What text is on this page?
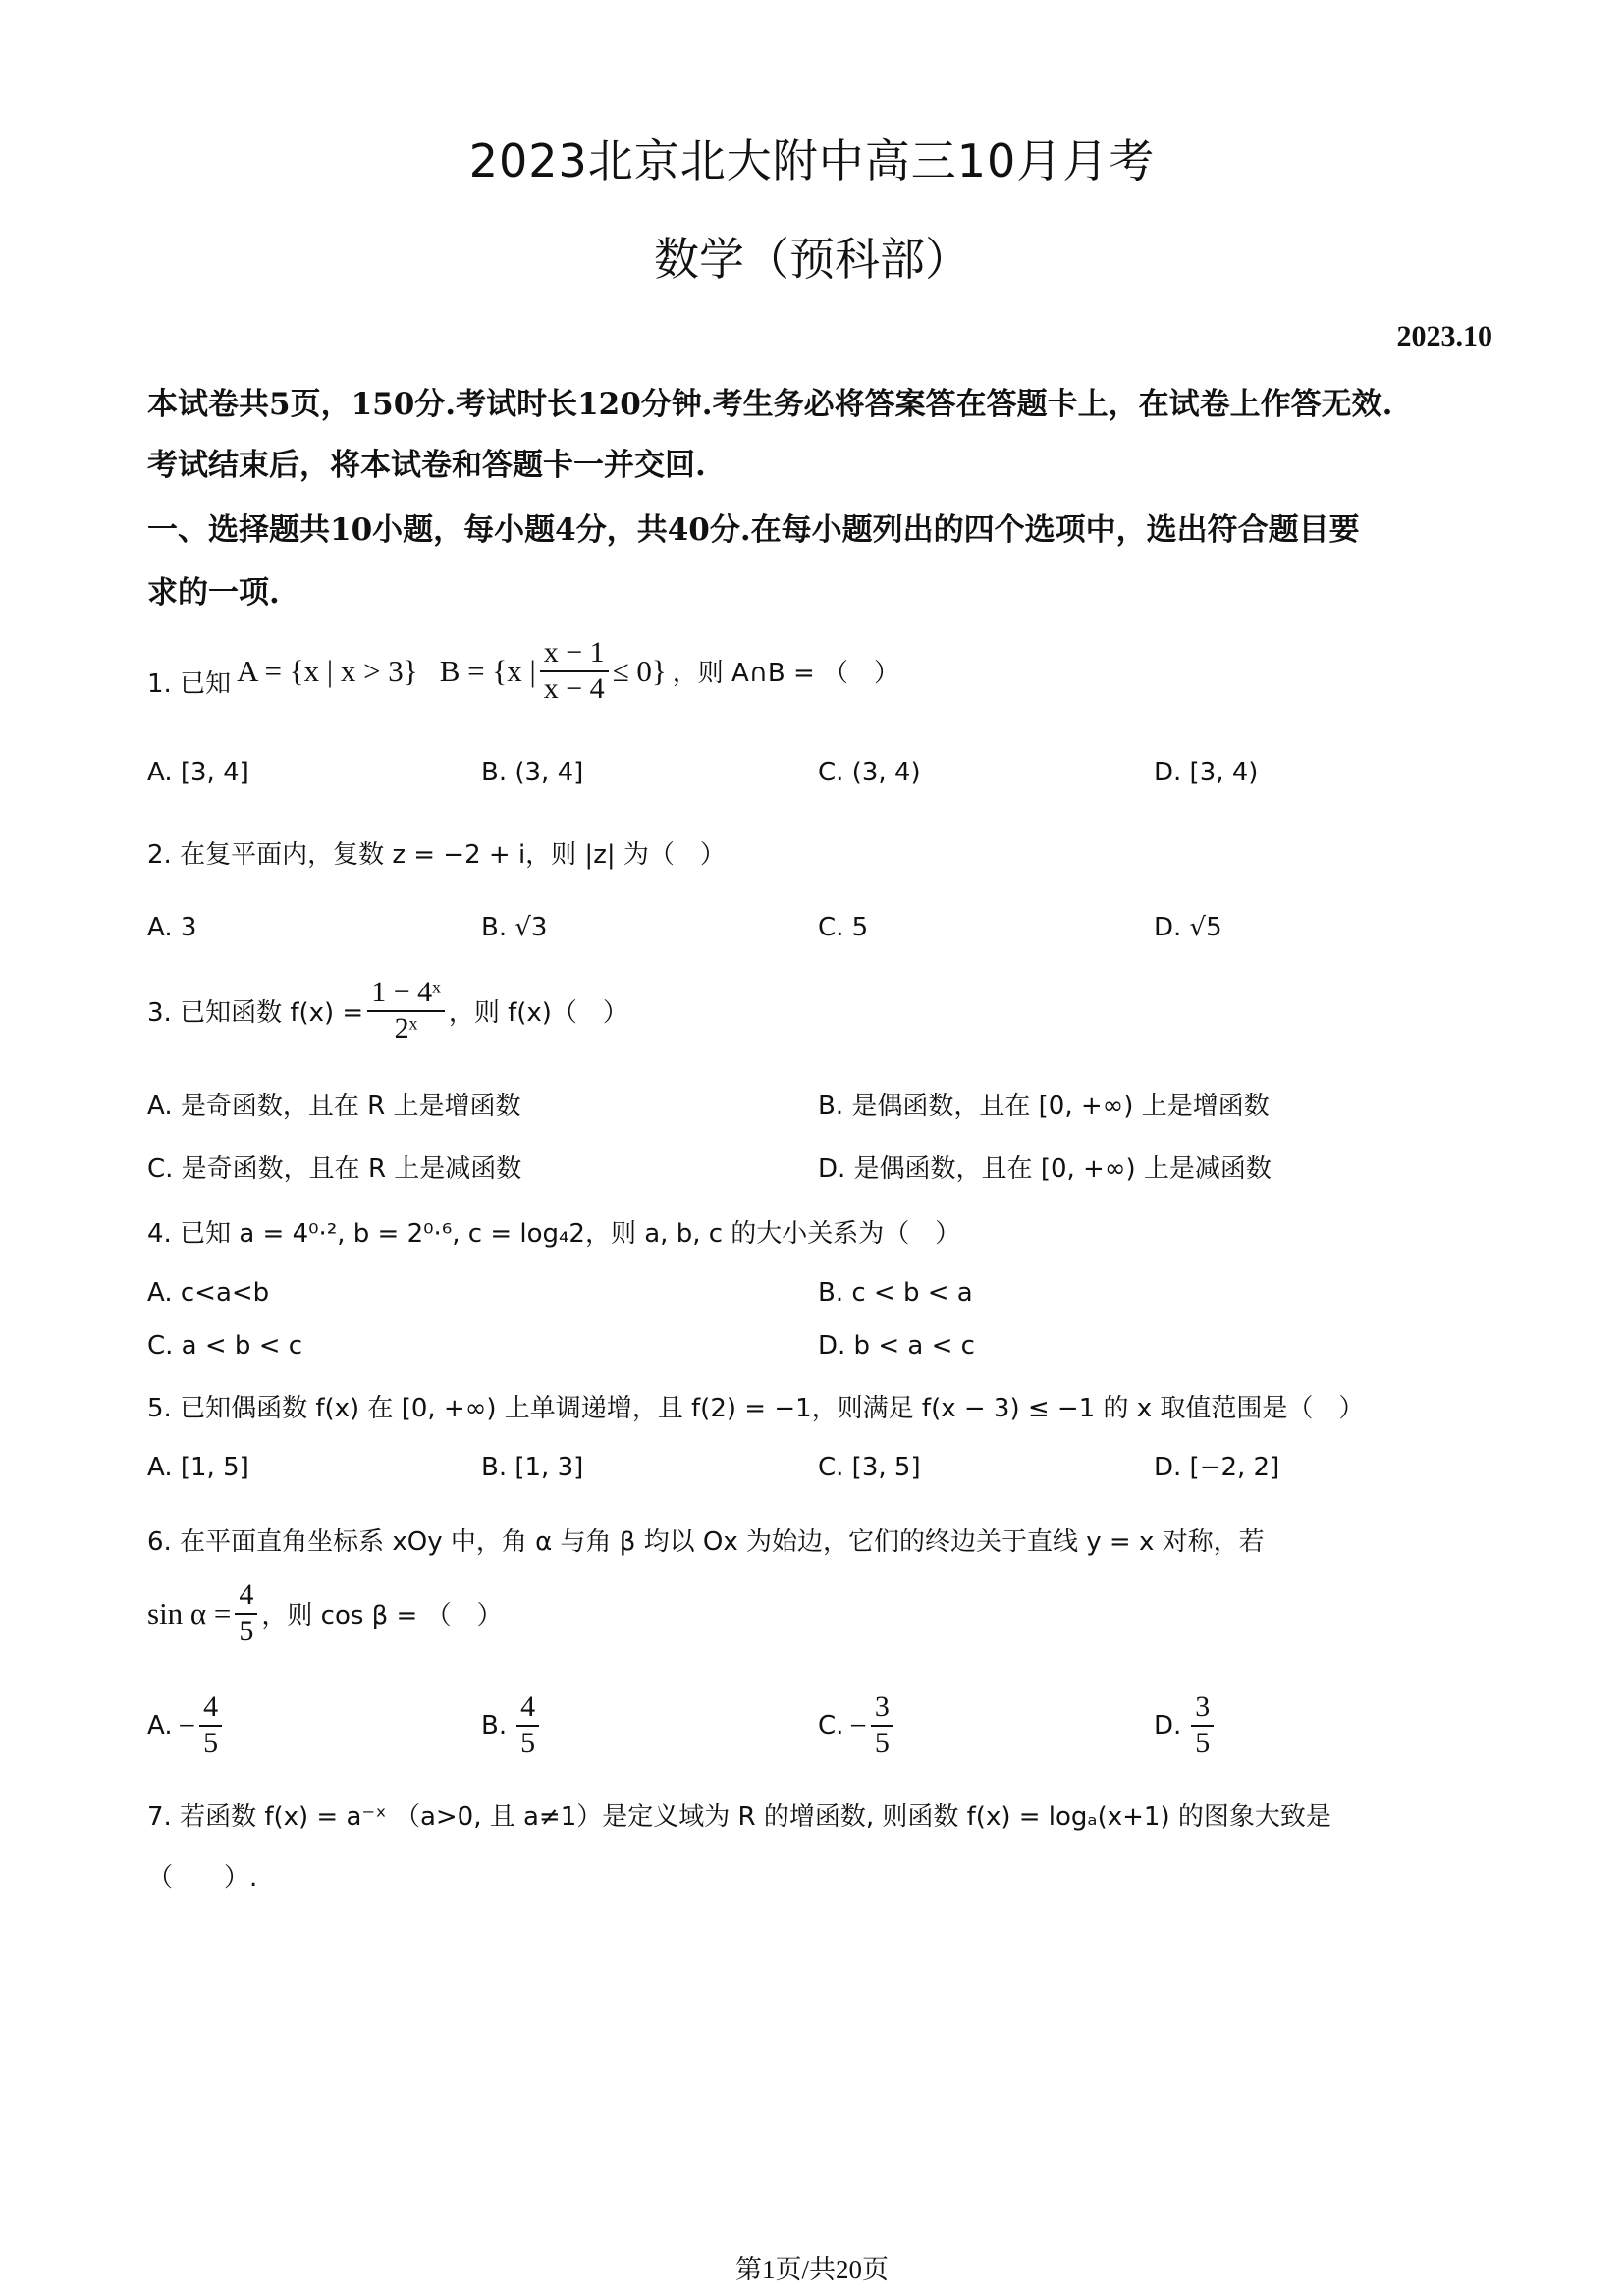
2023北京北大附中高三10月月考
数学（预科部）
2023.10
本试卷共5页，150分.考试时长120分钟.考生务必将答案答在答题卡上，在试卷上作答无效.
考试结束后，将本试卷和答题卡一并交回.
一、选择题共10小题，每小题4分，共40分.在每小题列出的四个选项中，选出符合题目要
求的一项.
1. 已知 A = {x | x > 3} B = {x | $\frac{x - 1}{x - 4} \le 0$} ，则 A∩B = （　）
A. [3, 4]	B. (3, 4]	C. (3, 4)	D. [3, 4)
2. 在复平面内，复数 z = −2 + i，则 |z| 为（　）
A. 3	B. √3	C. 5	D. √5
3. 已知函数 $f(x) = \frac{\text{1 − 4ˣ}}{\text{2ˣ}}$ ，则 f(x)（　）
A. 是奇函数，且在 R 上是增函数	B. 是偶函数，且在 [0, +∞) 上是增函数
C. 是奇函数，且在 R 上是减函数	D. 是偶函数，且在 [0, +∞) 上是减函数
4. 已知 a = 4⁰·², b = 2⁰·⁶, c = log₄2，则 a, b, c 的大小关系为（　）
A. c<a<b	B. c < b < a
C. a < b < c	D. b < a < c
5. 已知偶函数 f(x) 在 [0, +∞) 上单调递增，且 f(2) = −1，则满足 f(x − 3) ≤ −1 的 x 取值范围是（　）
A. [1, 5]	B. [1, 3]	C. [3, 5]	D. [−2, 2]
6. 在平面直角坐标系 xOy 中，角 α 与角 β 均以 Ox 为始边，它们的终边关于直线 y = x 对称，若
$\sin \alpha = \frac{4}{5}$ ，则 cos β = （　）
A. − $\frac{4}{5}$	B. $\frac{4}{5}$	C. − $\frac{3}{5}$	D. $\frac{3}{5}$
7. 若函数 f(x) = a⁻ˣ （a>0, 且 a≠1）是定义域为 R 的增函数, 则函数 f(x) = logₐ(x+1) 的图象大致是
（　　）.
第1页/共20页
